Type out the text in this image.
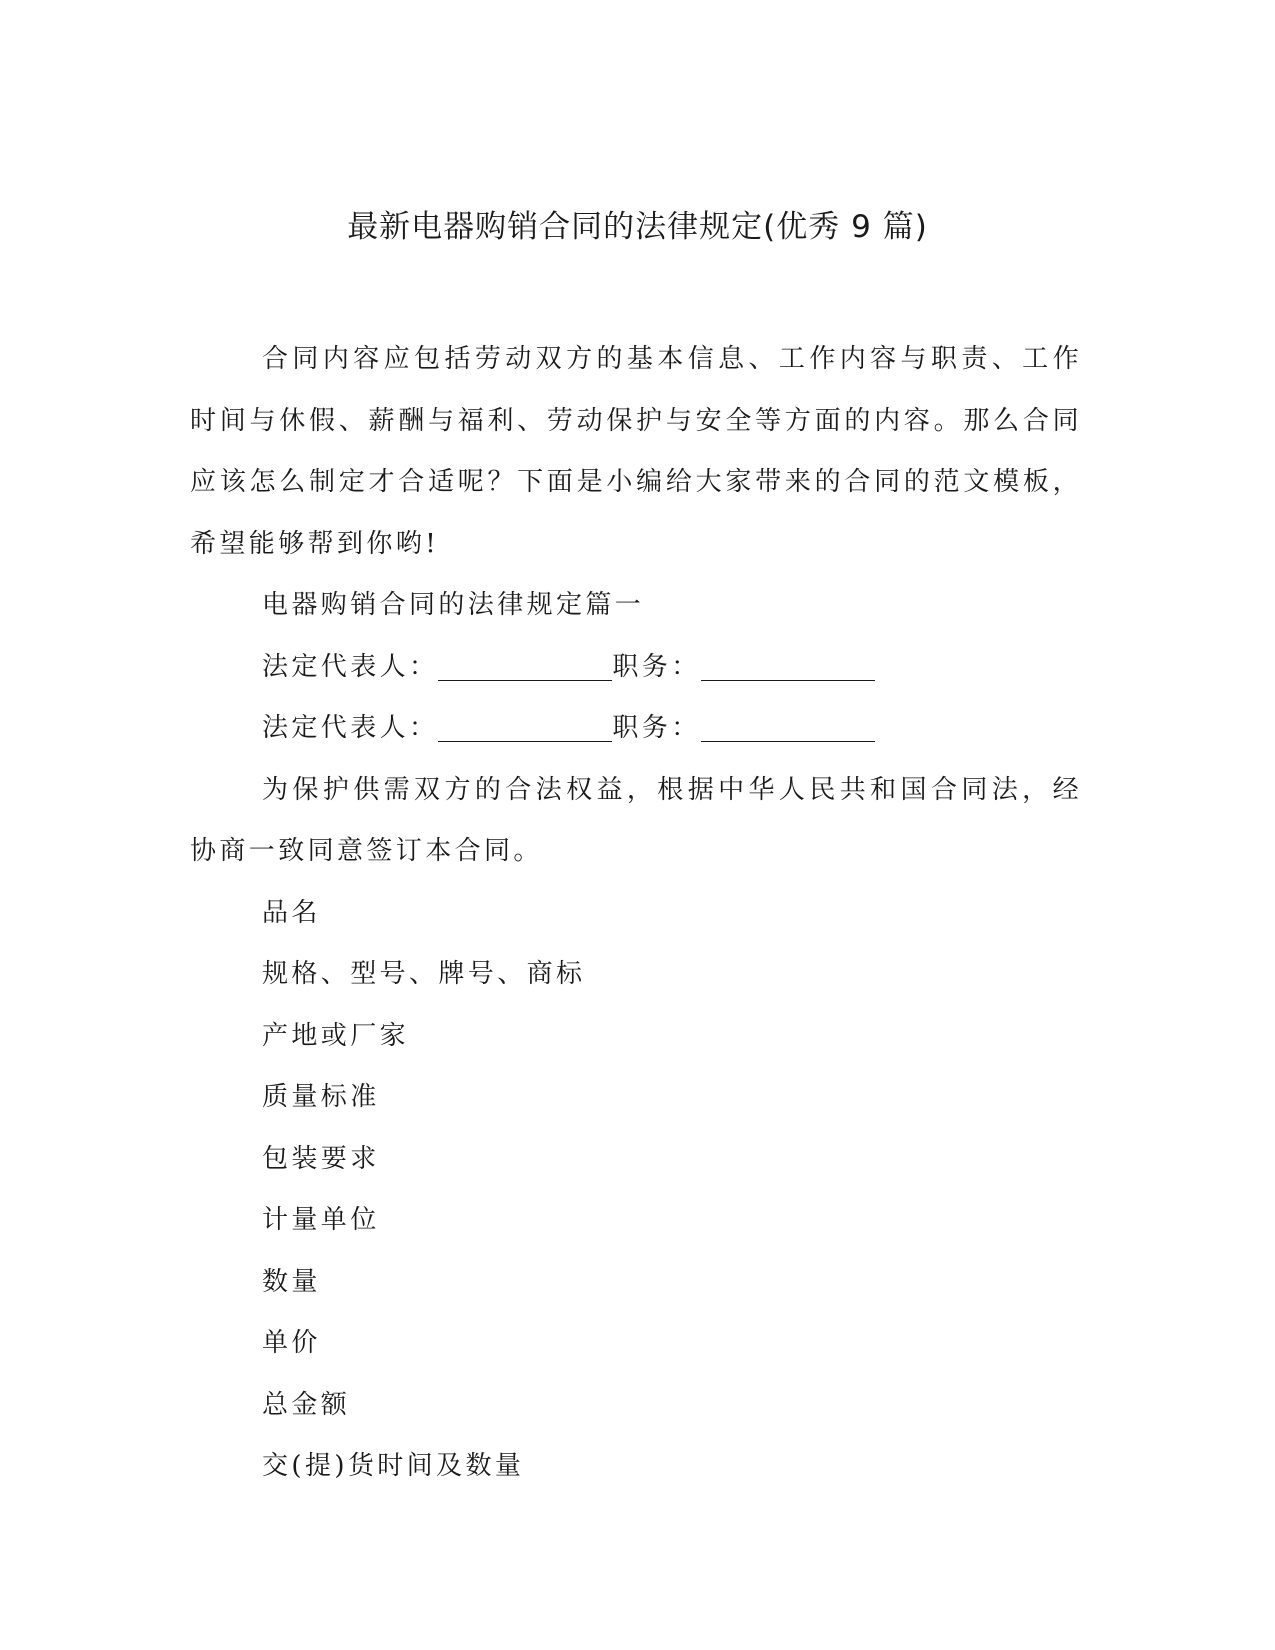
最新电器购销合同的法律规定(优秀 9 篇)

合同内容应包括劳动双方的基本信息、工作内容与职责、工作时间与休假、薪酬与福利、劳动保护与安全等方面的内容。那么合同应该怎么制定才合适呢？下面是小编给大家带来的合同的范文模板，希望能够帮到你哟!

电器购销合同的法律规定篇一

法定代表人：	职务：

法定代表人：	职务：

为保护供需双方的合法权益，根据中华人民共和国合同法，经协商一致同意签订本合同。

品名

规格、型号、牌号、商标

产地或厂家

质量标准

包装要求

计量单位

数量

单价

总金额

交(提)货时间及数量
